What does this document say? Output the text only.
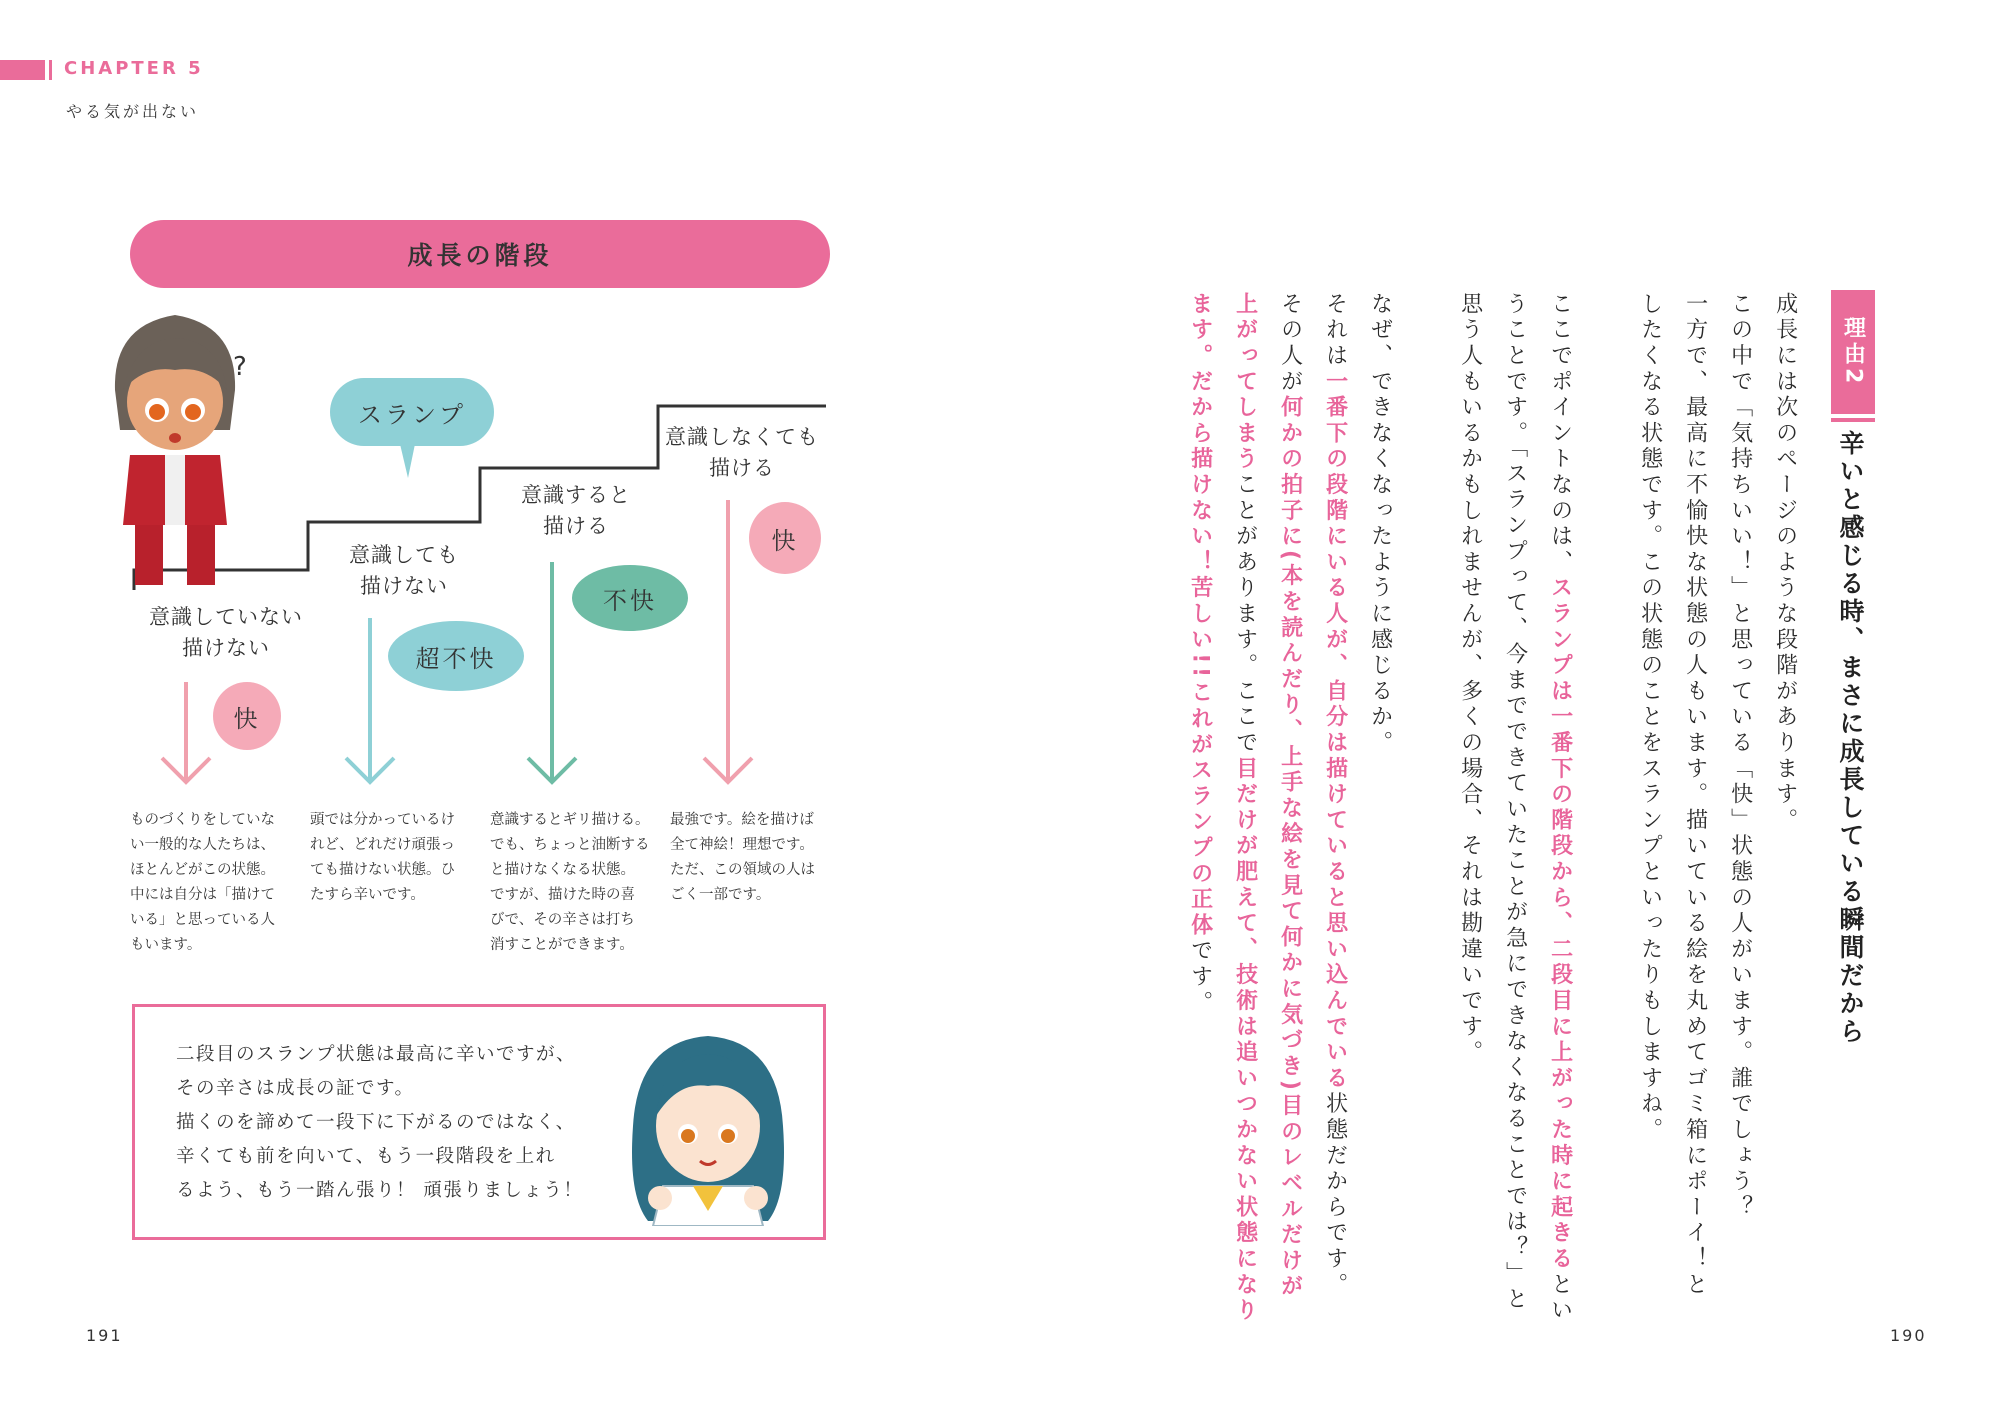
CHAPTER 5
やる気が出ない
成長の階段
?
スランプ
快
超不快
不快
快
意識していない
描けない
意識しても
描けない
意識すると
描ける
意識しなくても
描ける
ものづくりをしていな
い一般的な人たちは、
ほとんどがこの状態。
中には自分は「描けて
いる」と思っている人
もいます。
頭では分かっているけ
れど、どれだけ頑張っ
ても描けない状態。ひ
たすら辛いです。
意識するとギリ描ける。
でも、ちょっと油断する
と描けなくなる状態。
ですが、描けた時の喜
びで、その辛さは打ち
消すことができます。
最強です。絵を描けば
全て神絵！理想です。
ただ、この領域の人は
ごく一部です。
二段目のスランプ状態は最高に辛いですが、
その辛さは成長の証です。
描くのを諦めて一段下に下がるのではなく、
辛くても前を向いて、もう一段階段を上れ
るよう、もう一踏ん張り！ 頑張りましょう！
191
理由2
辛いと感じる時、まさに成長している瞬間だから
成長には次のページのような段階があります。
この中で「気持ちいい！」と思っている「快」状態の人がいます。誰でしょう？
一方で、最高に不愉快な状態の人もいます。描いている絵を丸めてゴミ箱にポーイ！と
したくなる状態です。この状態のことをスランプといったりもしますね。
ここでポイントなのは、スランプは一番下の階段から、二段目に上がった時に起きるとい
うことです。「スランプって、今までできていたことが急にできなくなることでは？」と
思う人もいるかもしれませんが、多くの場合、それは勘違いです。
なぜ、できなくなったように感じるか。
それは一番下の段階にいる人が、自分は描けていると思い込んでいる状態だからです。
その人が何かの拍子に(本を読んだり、上手な絵を見て何かに気づき)目のレベルだけが
上がってしまうことがあります。ここで目だけが肥えて、技術は追いつかない状態になり
ます。だから描けない！苦しい!!これがスランプの正体です。
190
